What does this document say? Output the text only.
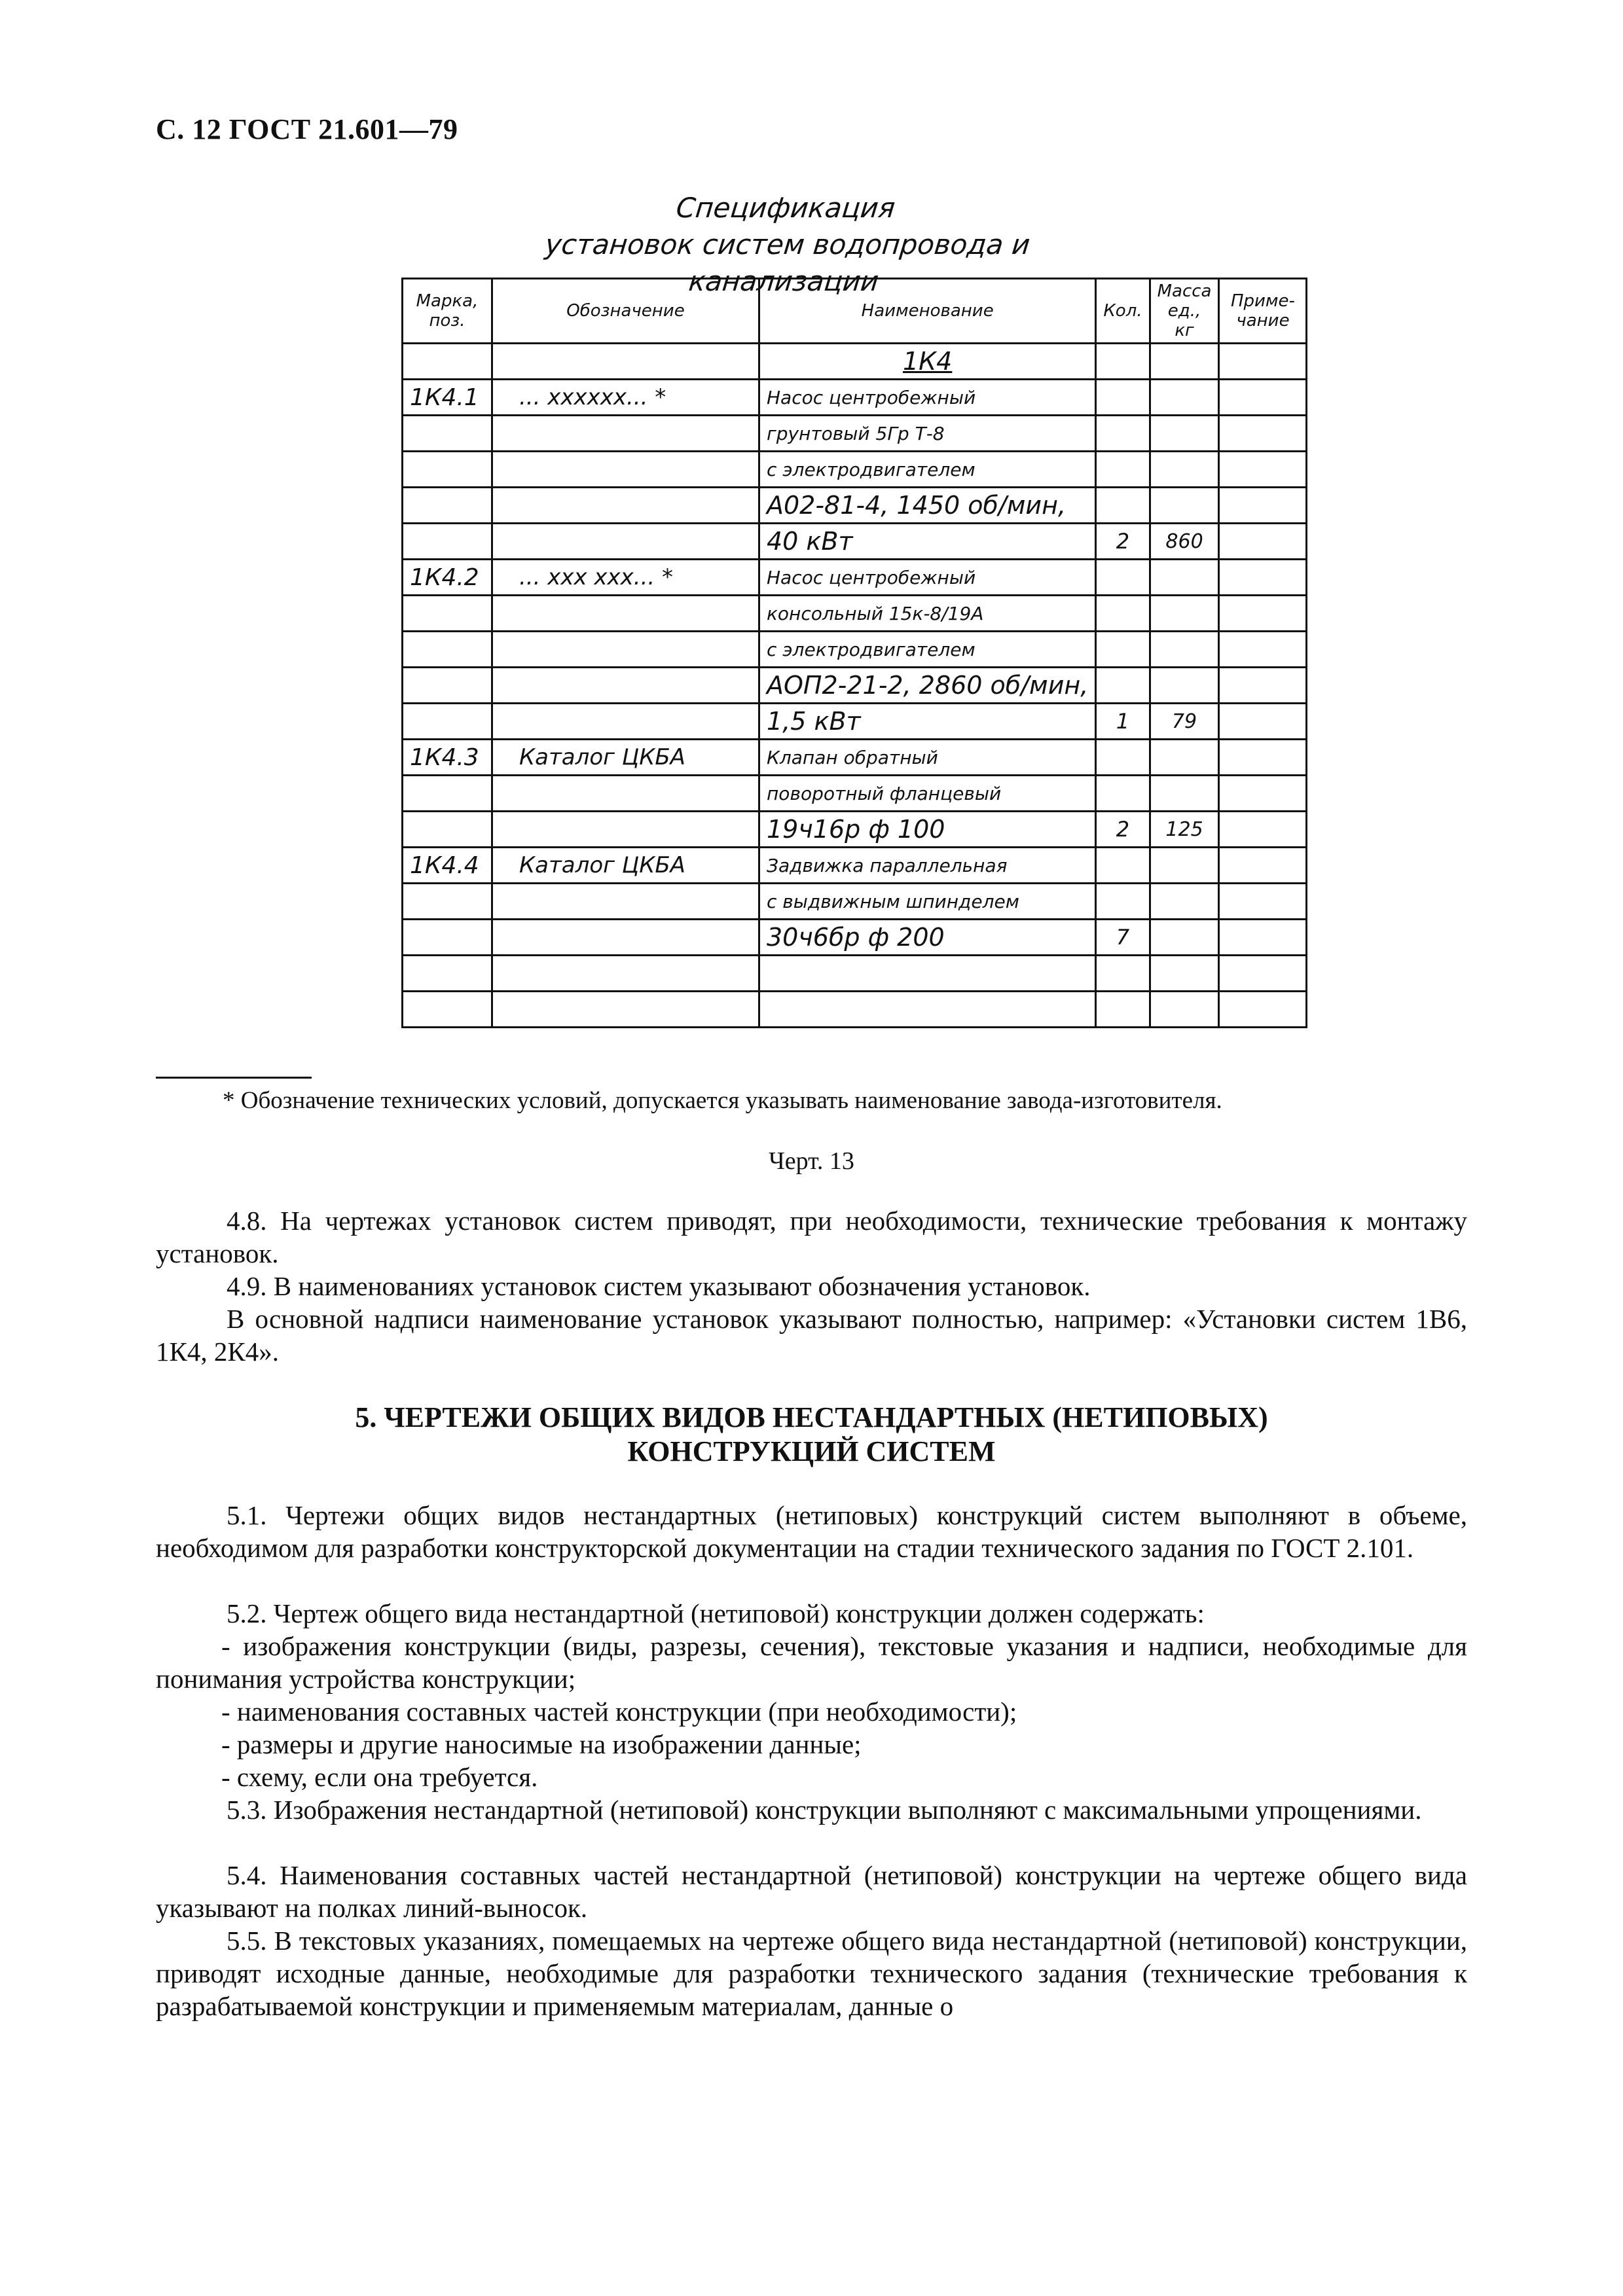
С. 12 ГОСТ 21.601—79
Спецификация
установок систем водопровода и канализации
Марка, поз.	Обозначение	Наименование	Кол.	Масса ед., кг	Приме- чание
		1К4			
1К4.1	... хххххх... *	Насос центробежный			
		грунтовый 5Гр Т-8			
		с электродвигателем			
		А02-81-4, 1450 об/мин,			
		40 кВт	2	860	
1К4.2	... ххх ххх... *	Насос центробежный			
		консольный 15к-8/19А			
		с электродвигателем			
		АОП2-21-2, 2860 об/мин,			
		1,5 кВт	1	79	
1К4.3	Каталог ЦКБА	Клапан обратный			
		поворотный фланцевый			
		19ч16р ф 100	2	125	
1К4.4	Каталог ЦКБА	Задвижка параллельная			
		с выдвижным шпинделем			
		30ч6бр ф 200	7		

* Обозначение технических условий, допускается указывать наименование завода-изготовителя.
Черт. 13
4.8. На чертежах установок систем приводят, при необходимости, технические требования к монтажу установок.
4.9. В наименованиях установок систем указывают обозначения установок.
В основной надписи наименование установок указывают полностью, например: «Установки систем 1В6, 1К4, 2К4».
5. ЧЕРТЕЖИ ОБЩИХ ВИДОВ НЕСТАНДАРТНЫХ (НЕТИПОВЫХ)
КОНСТРУКЦИЙ СИСТЕМ
5.1. Чертежи общих видов нестандартных (нетиповых) конструкций систем выполняют в объеме, необходимом для разработки конструкторской документации на стадии технического задания по ГОСТ 2.101.
5.2. Чертеж общего вида нестандартной (нетиповой) конструкции должен содержать:
- изображения конструкции (виды, разрезы, сечения), текстовые указания и надписи, необходимые для понимания устройства конструкции;
- наименования составных частей конструкции (при необходимости);
- размеры и другие наносимые на изображении данные;
- схему, если она требуется.
5.3. Изображения нестандартной (нетиповой) конструкции выполняют с максимальными упрощениями.
5.4. Наименования составных частей нестандартной (нетиповой) конструкции на чертеже общего вида указывают на полках линий-выносок.
5.5. В текстовых указаниях, помещаемых на чертеже общего вида нестандартной (нетиповой) конструкции, приводят исходные данные, необходимые для разработки технического задания (технические требования к разрабатываемой конструкции и применяемым материалам, данные о
